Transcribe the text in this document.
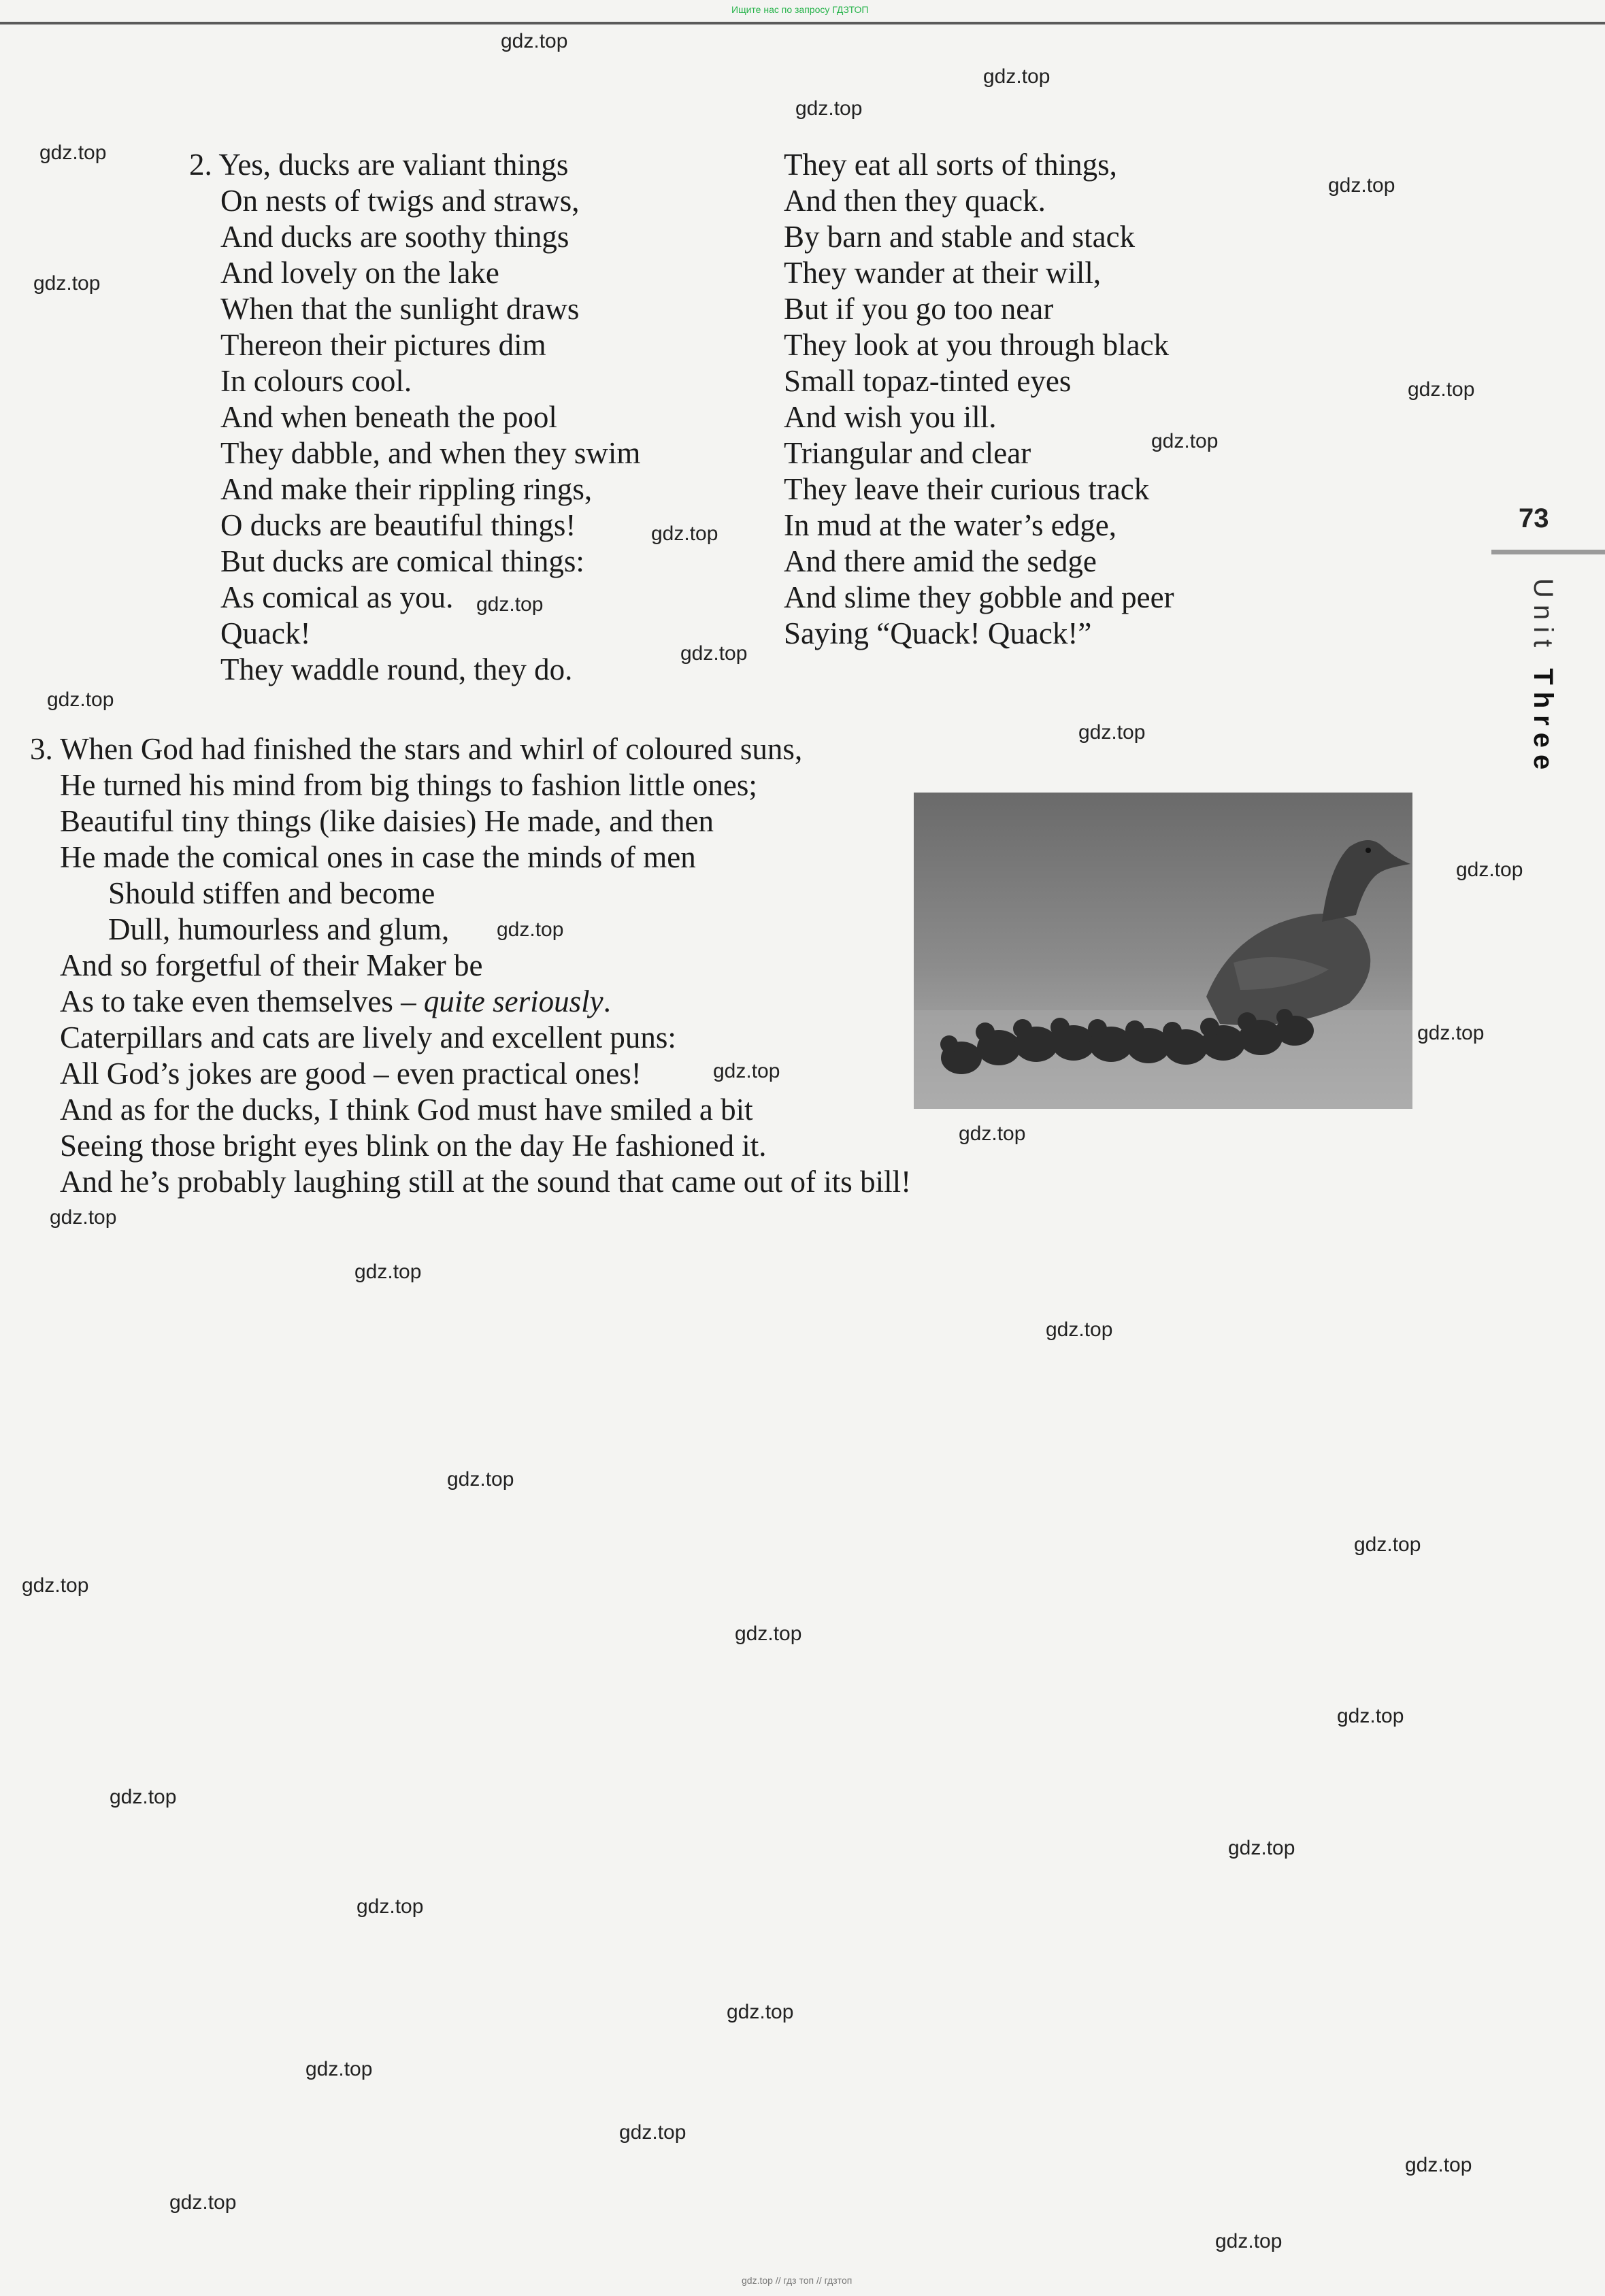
Ищите нас по запросу ГДЗТОП
2. Yes, ducks are valiant things
On nests of twigs and straws,
And ducks are soothy things
And lovely on the lake
When that the sunlight draws
Thereon their pictures dim
In colours cool.
And when beneath the pool
They dabble, and when they swim
And make their rippling rings,
O ducks are beautiful things!
But ducks are comical things:
As comical as you.
Quack!
They waddle round, they do.
They eat all sorts of things,
And then they quack.
By barn and stable and stack
They wander at their will,
But if you go too near
They look at you through black
Small topaz-tinted eyes
And wish you ill.
Triangular and clear
They leave their curious track
In mud at the water’s edge,
And there amid the sedge
And slime they gobble and peer
Saying “Quack! Quack!”
73
Unit Three
3. When God had finished the stars and whirl of coloured suns,
He turned his mind from big things to fashion little ones;
Beautiful tiny things (like daisies) He made, and then
He made the comical ones in case the minds of men
Should stiffen and become
Dull, humourless and glum,
And so forgetful of their Maker be
As to take even themselves – quite seriously.
Caterpillars and cats are lively and excellent puns:
All God’s jokes are good – even practical ones!
And as for the ducks, I think God must have smiled a bit
Seeing those bright eyes blink on the day He fashioned it.
And he’s probably laughing still at the sound that came out of its bill!
gdz.top
gdz.top
gdz.top
gdz.top
gdz.top
gdz.top
gdz.top
gdz.top
gdz.top
gdz.top
gdz.top
gdz.top
gdz.top
gdz.top
gdz.top
gdz.top
gdz.top
gdz.top
gdz.top
gdz.top
gdz.top
gdz.top
gdz.top
gdz.top
gdz.top
gdz.top
gdz.top
gdz.top
gdz.top
gdz.top
gdz.top
gdz.top
gdz.top
gdz.top
gdz.top
gdz.top // гдз топ // гдзтоп
